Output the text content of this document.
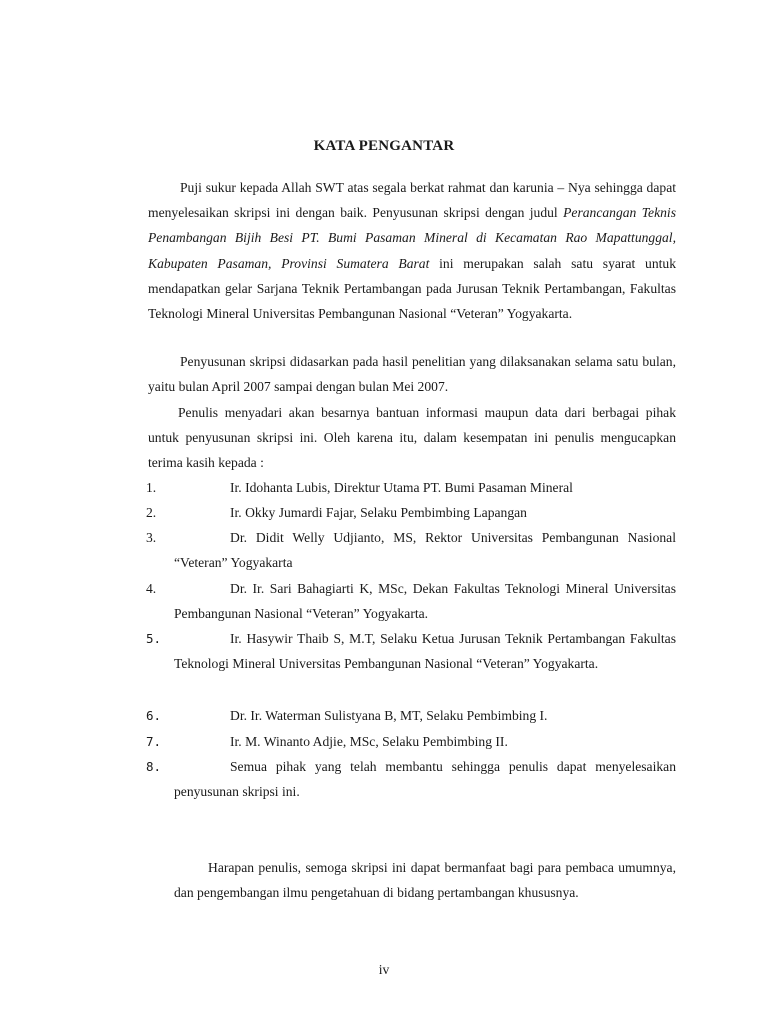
KATA PENGANTAR

Puji sukur kepada Allah SWT atas segala berkat rahmat dan karunia – Nya sehingga dapat menyelesaikan skripsi ini dengan baik. Penyusunan skripsi dengan judul Perancangan Teknis Penambangan Bijih Besi PT. Bumi Pasaman Mineral di Kecamatan Rao Mapattunggal, Kabupaten Pasaman, Provinsi Sumatera Barat ini merupakan salah satu syarat untuk mendapatkan gelar Sarjana Teknik Pertambangan pada Jurusan Teknik Pertambangan, Fakultas Teknologi Mineral Universitas Pembangunan Nasional “Veteran” Yogyakarta.

Penyusunan skripsi didasarkan pada hasil penelitian yang dilaksanakan selama satu bulan, yaitu bulan April 2007 sampai dengan bulan Mei 2007.

Penulis menyadari akan besarnya bantuan informasi maupun data dari berbagai pihak untuk penyusunan skripsi ini. Oleh karena itu, dalam kesempatan ini penulis mengucapkan terima kasih kepada :

1.	Ir. Idohanta Lubis, Direktur Utama PT. Bumi Pasaman Mineral
2.	Ir. Okky Jumardi Fajar, Selaku Pembimbing Lapangan
3.	Dr. Didit Welly Udjianto, MS, Rektor Universitas Pembangunan Nasional “Veteran” Yogyakarta
4.	Dr. Ir. Sari Bahagiarti K, MSc, Dekan Fakultas Teknologi Mineral Universitas Pembangunan Nasional “Veteran” Yogyakarta.
5.	Ir. Hasywir Thaib S, M.T, Selaku Ketua Jurusan Teknik Pertambangan Fakultas Teknologi Mineral Universitas Pembangunan Nasional “Veteran” Yogyakarta.
6.	Dr. Ir. Waterman Sulistyana B, MT, Selaku Pembimbing I.
7.	Ir. M. Winanto Adjie, MSc, Selaku Pembimbing II.
8.	Semua pihak yang telah membantu sehingga penulis dapat menyelesaikan penyusunan skripsi ini.

Harapan penulis, semoga skripsi ini dapat bermanfaat bagi para pembaca umumnya, dan pengembangan ilmu pengetahuan di bidang pertambangan khususnya.

iv
